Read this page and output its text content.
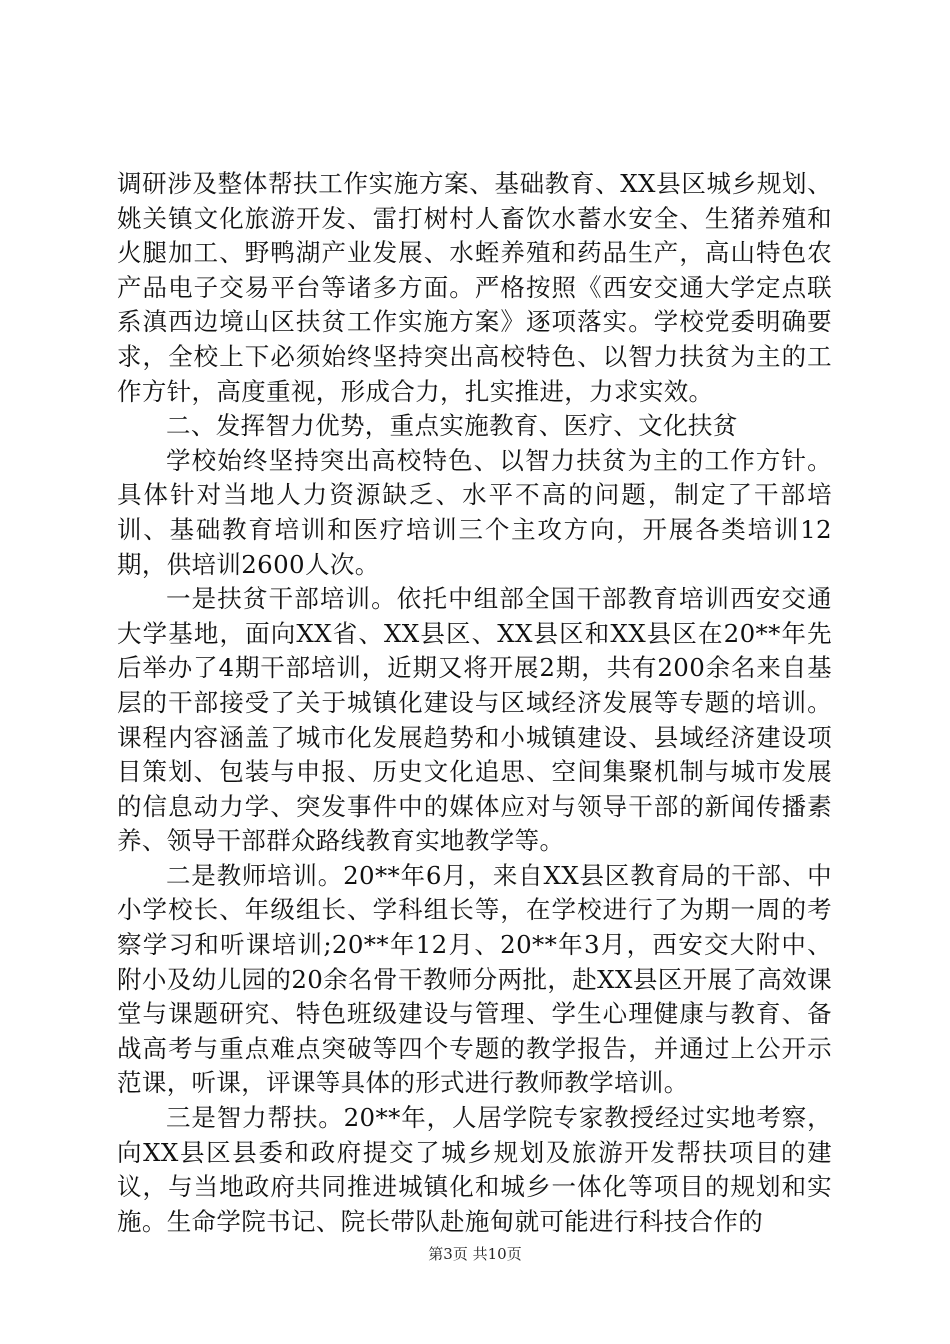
调研涉及整体帮扶工作实施方案、基础教育、XX县区城乡规划、姚关镇文化旅游开发、雷打树村人畜饮水蓄水安全、生猪养殖和火腿加工、野鸭湖产业发展、水蛭养殖和药品生产，高山特色农产品电子交易平台等诸多方面。严格按照《西安交通大学定点联系滇西边境山区扶贫工作实施方案》逐项落实。学校党委明确要求，全校上下必须始终坚持突出高校特色、以智力扶贫为主的工作方针，高度重视，形成合力，扎实推进，力求实效。

二、发挥智力优势，重点实施教育、医疗、文化扶贫

学校始终坚持突出高校特色、以智力扶贫为主的工作方针。具体针对当地人力资源缺乏、水平不高的问题，制定了干部培训、基础教育培训和医疗培训三个主攻方向，开展各类培训12期，供培训2600人次。

一是扶贫干部培训。依托中组部全国干部教育培训西安交通大学基地，面向XX省、XX县区、XX县区和XX县区在20**年先后举办了4期干部培训，近期又将开展2期，共有200余名来自基层的干部接受了关于城镇化建设与区域经济发展等专题的培训。课程内容涵盖了城市化发展趋势和小城镇建设、县域经济建设项目策划、包装与申报、历史文化追思、空间集聚机制与城市发展的信息动力学、突发事件中的媒体应对与领导干部的新闻传播素养、领导干部群众路线教育实地教学等。

二是教师培训。20**年6月，来自XX县区教育局的干部、中小学校长、年级组长、学科组长等，在学校进行了为期一周的考察学习和听课培训;20**年12月、20**年3月，西安交大附中、附小及幼儿园的20余名骨干教师分两批，赴XX县区开展了高效课堂与课题研究、特色班级建设与管理、学生心理健康与教育、备战高考与重点难点突破等四个专题的教学报告，并通过上公开示范课，听课，评课等具体的形式进行教师教学培训。

三是智力帮扶。20**年，人居学院专家教授经过实地考察，向XX县区县委和政府提交了城乡规划及旅游开发帮扶项目的建议，与当地政府共同推进城镇化和城乡一体化等项目的规划和实施。生命学院书记、院长带队赴施甸就可能进行科技合作的

第3页 共10页
